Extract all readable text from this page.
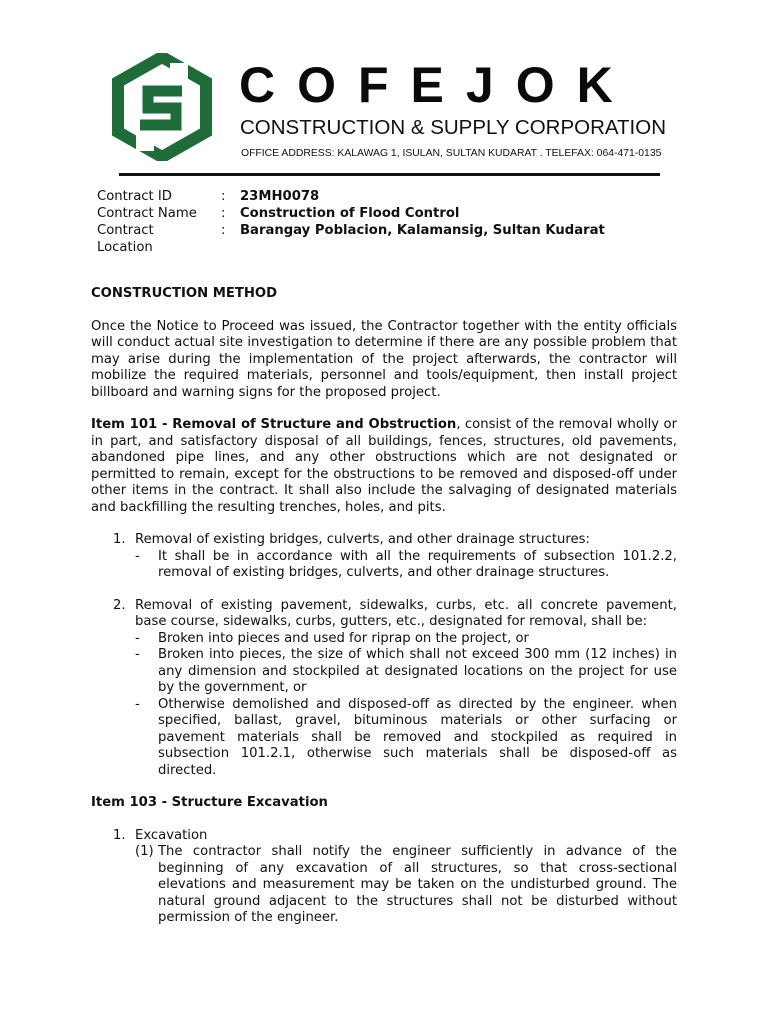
COFEJOK
CONSTRUCTION & SUPPLY CORPORATION
OFFICE ADDRESS: KALAWAG 1, ISULAN, SULTAN KUDARAT . TELEFAX: 064-471-0135
Contract ID	: 23MH0078
Contract Name	: Construction of Flood Control
Contract Location
: Barangay Poblacion, Kalamansig, Sultan Kudarat

CONSTRUCTION METHOD

Once the Notice to Proceed was issued, the Contractor together with the entity officials will conduct actual site investigation to determine if there are any possible problem that may arise during the implementation of the project afterwards, the contractor will mobilize the required materials, personnel and tools/equipment, then install project billboard and warning signs for the proposed project.

Item 101 - Removal of Structure and Obstruction, consist of the removal wholly or in part, and satisfactory disposal of all buildings, fences, structures, old pavements, abandoned pipe lines, and any other obstructions which are not designated or permitted to remain, except for the obstructions to be removed and disposed-off under other items in the contract. It shall also include the salvaging of designated materials and backfilling the resulting trenches, holes, and pits.

1. Removal of existing bridges, culverts, and other drainage structures:
- It shall be in accordance with all the requirements of subsection 101.2.2, removal of existing bridges, culverts, and other drainage structures.
2. Removal of existing pavement, sidewalks, curbs, etc. all concrete pavement, base course, sidewalks, curbs, gutters, etc., designated for removal, shall be:
- Broken into pieces and used for riprap on the project, or
- Broken into pieces, the size of which shall not exceed 300 mm (12 inches) in any dimension and stockpiled at designated locations on the project for use by the government, or
- Otherwise demolished and disposed-off as directed by the engineer. when specified, ballast, gravel, bituminous materials or other surfacing or pavement materials shall be removed and stockpiled as required in subsection 101.2.1, otherwise such materials shall be disposed-off as directed.

Item 103 - Structure Excavation

1. Excavation
(1) The contractor shall notify the engineer sufficiently in advance of the beginning of any excavation of all structures, so that cross-sectional elevations and measurement may be taken on the undisturbed ground. The natural ground adjacent to the structures shall not be disturbed without permission of the engineer.
